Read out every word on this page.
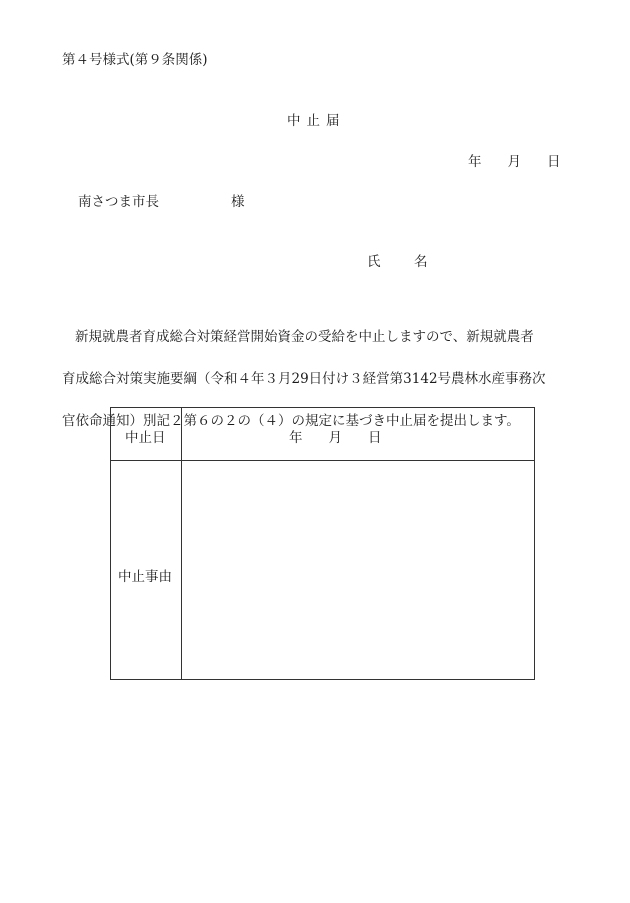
第４号様式(第９条関係)
中止届
年 月 日
南さつま市長	様
氏　名

新規就農者育成総合対策経営開始資金の受給を中止しますので、新規就農者

育成総合対策実施要綱（令和４年３月29日付け３経営第3142号農林水産事務次

官依命通知）別記２第６の２の（４）の規定に基づき中止届を提出します。

中止日	年 月 日
中止事由
